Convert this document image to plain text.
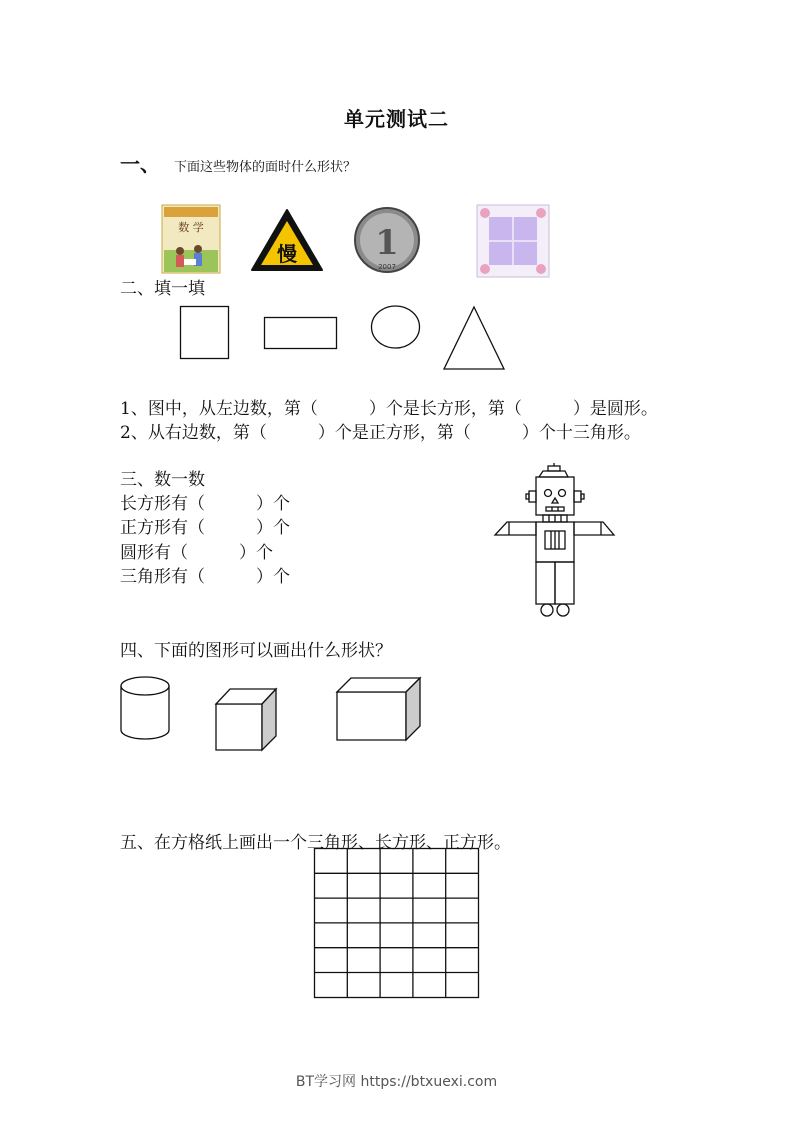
单元测试二
一、 下面这些物体的面时什么形状？
数 学
慢 1
2007
二、填一填
1、图中，从左边数，第（　　　）个是长方形，第（　　　）是圆形。
2、从右边数，第（　　　）个是正方形，第（　　　）个十三角形。
三、数一数
长方形有（　　　）个
正方形有（　　　）个
圆形有（　　　）个
三角形有（　　　）个
四、下面的图形可以画出什么形状？
五、在方格纸上画出一个三角形、长方形、正方形。
BT学习网 https://btxuexi.com
